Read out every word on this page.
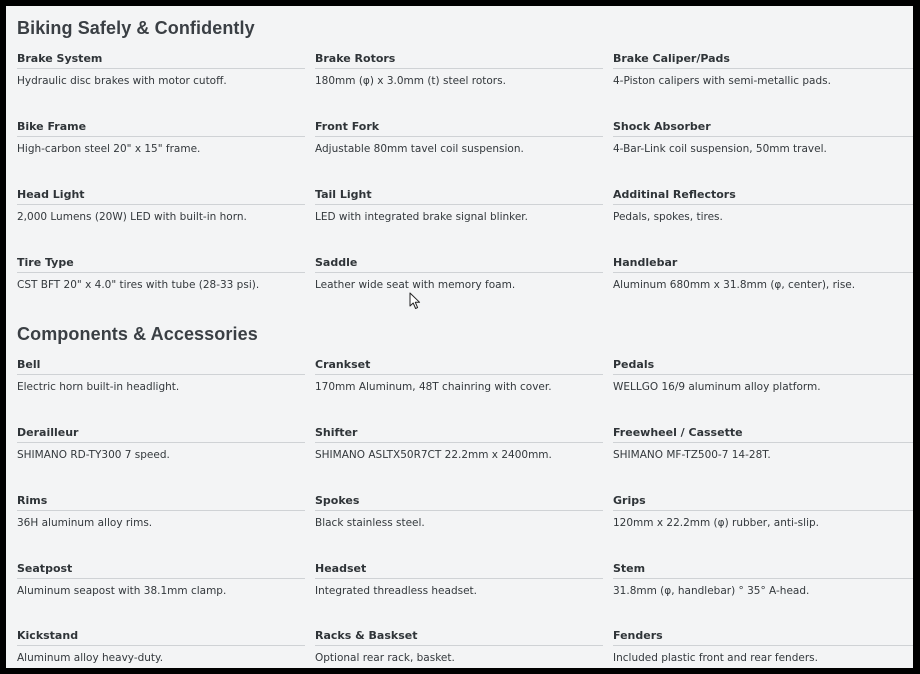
Biking Safely & Confidently
Brake System
Hydraulic disc brakes with motor cutoff.
Brake Rotors
180mm (φ) x 3.0mm (t) steel rotors.
Brake Caliper/Pads
4-Piston calipers with semi-metallic pads.
Bike Frame
High-carbon steel 20" x 15" frame.
Front Fork
Adjustable 80mm tavel coil suspension.
Shock Absorber
4-Bar-Link coil suspension, 50mm travel.
Head Light
2,000 Lumens (20W) LED with built-in horn.
Tail Light
LED with integrated brake signal blinker.
Additinal Reflectors
Pedals, spokes, tires.
Tire Type
CST BFT 20" x 4.0" tires with tube (28-33 psi).
Saddle
Leather wide seat with memory foam.
Handlebar
Aluminum 680mm x 31.8mm (φ, center), rise.
Components & Accessories
Bell
Electric horn built-in headlight.
Crankset
170mm Aluminum, 48T chainring with cover.
Pedals
WELLGO 16/9 aluminum alloy platform.
Derailleur
SHIMANO RD-TY300 7 speed.
Shifter
SHIMANO ASLTX50R7CT 22.2mm x 2400mm.
Freewheel / Cassette
SHIMANO MF-TZ500-7 14-28T.
Rims
36H aluminum alloy rims.
Spokes
Black stainless steel.
Grips
120mm x 22.2mm (φ) rubber, anti-slip.
Seatpost
Aluminum seapost with 38.1mm clamp.
Headset
Integrated threadless headset.
Stem
31.8mm (φ, handlebar) ° 35° A-head.
Kickstand
Aluminum alloy heavy-duty.
Racks & Baskset
Optional rear rack, basket.
Fenders
Included plastic front and rear fenders.
